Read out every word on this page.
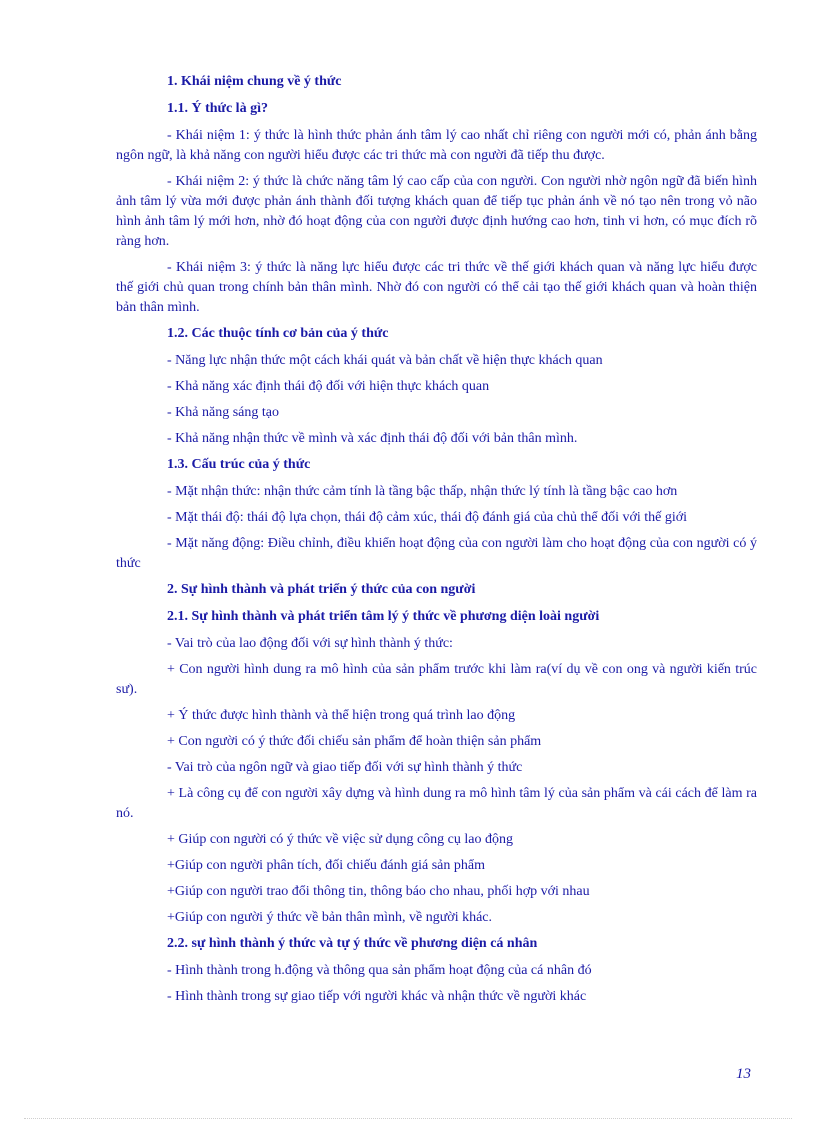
1. Khái niệm chung về ý thức
1.1. Ý thức là gì?
- Khái niệm 1: ý thức là hình thức phản ánh tâm lý cao nhất chỉ riêng con người mới có, phản ánh bằng ngôn ngữ, là khả năng con người hiểu được các tri thức mà con người đã tiếp thu được.
- Khái niệm 2: ý thức là chức năng tâm lý cao cấp của con người. Con người nhờ ngôn ngữ đã biến hình ảnh tâm lý vừa mới được phản ánh thành đối tượng khách quan để tiếp tục phản ánh về nó tạo nên trong vỏ não hình ảnh tâm lý mới hơn, nhờ đó hoạt động của con người được định hướng cao hơn, tinh vi hơn, có mục đích rõ ràng hơn.
- Khái niệm 3: ý thức là năng lực hiểu được các tri thức về thế giới khách quan và năng lực hiểu được thế giới chủ quan trong chính bản thân mình. Nhờ đó con người có thể cải tạo thế giới khách quan và hoàn thiện bản thân mình.
1.2. Các thuộc tính cơ bản của ý thức
- Năng lực nhận thức một cách khái quát và bản chất về hiện thực khách quan
- Khả năng xác định thái độ đối với hiện thực khách quan
- Khả năng sáng tạo
- Khả năng nhận thức về mình và xác định thái độ đối với bản thân mình.
1.3. Cấu trúc của ý thức
- Mặt nhận thức: nhận thức cảm tính là tầng bậc thấp, nhận thức lý tính là tầng bậc cao hơn
- Mặt thái độ: thái độ lựa chọn, thái độ cảm xúc, thái độ đánh giá của chủ thể đối với thế giới
- Mặt năng động: Điều chỉnh, điều khiển hoạt động của con người làm cho hoạt động của con người có ý thức
2. Sự hình thành và phát triển ý thức của con người
2.1. Sự hình thành và phát triển tâm lý ý thức về phương diện loài người
- Vai trò của lao động đối với sự hình thành ý thức:
+ Con người hình dung ra mô hình của sản phẩm trước khi làm ra(ví dụ về con ong và người kiến trúc sư).
+ Ý thức được hình thành và thể hiện trong quá trình lao động
+ Con người có ý thức đối chiếu sản phẩm để hoàn thiện sản phẩm
- Vai trò của ngôn ngữ và giao tiếp đối với sự hình thành ý thức
+ Là công cụ để con người xây dựng và hình dung ra mô hình tâm lý của sản phẩm và cái cách để làm ra nó.
+ Giúp con người có ý thức về việc sử dụng công cụ lao động
+Giúp con người phân tích, đối chiếu đánh giá sản phẩm
+Giúp con người trao đổi thông tin, thông báo cho nhau, phối hợp với nhau
+Giúp con người ý thức về bản thân mình, về người khác.
2.2. sự hình thành ý thức và tự ý thức về phương diện cá nhân
- Hình thành trong h.động và thông qua sản phẩm hoạt động của cá nhân đó
- Hình thành trong sự giao tiếp với người khác và nhận thức về người khác
13
